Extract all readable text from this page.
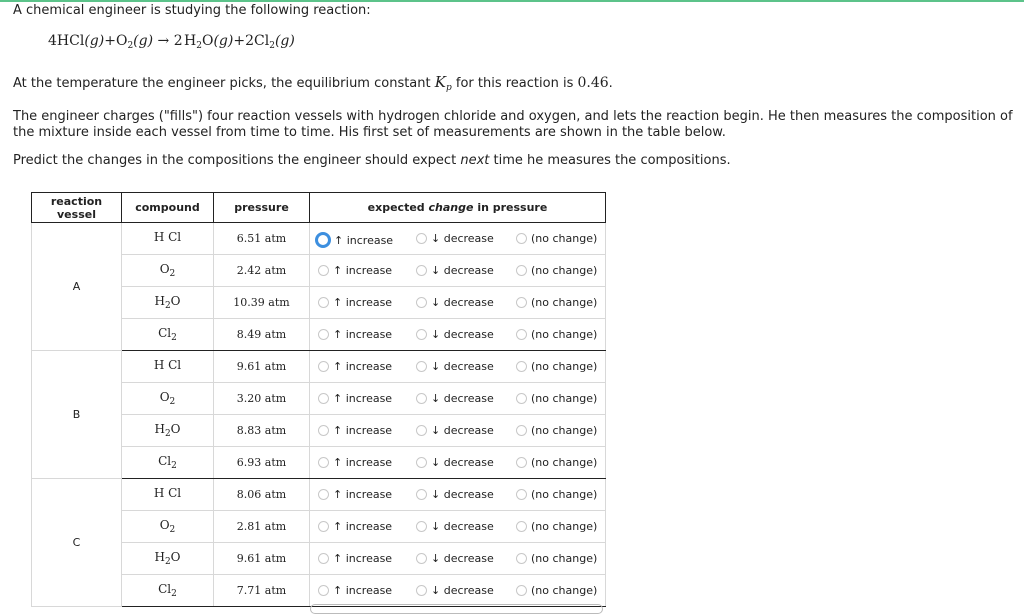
A chemical engineer is studying the following reaction:
$4HCl(g)+O_2(g) \to 2$ $H_2O(g)+2Cl_2(g)$
At the temperature the engineer picks, the equilibrium constant $K_p$ for this reaction is 0.46.
The engineer charges ("fills") four reaction vessels with hydrogen chloride and oxygen, and lets the reaction begin. He then measures the composition of the mixture inside each vessel from time to time. His first set of measurements are shown in the table below.
Predict the changes in the compositions the engineer should expect next time he measures the compositions.
reaction
vessel	compound	pressure	expected change in pressure
A	H Cl	6.51 atm	↑ increase ↓ decrease (no change)

	$O_2$	2.42 atm	↑ increase ↓ decrease (no change)

	$H_2O$	10.39 atm	↑ increase ↓ decrease (no change)

	$Cl_2$	8.49 atm	↑ increase ↓ decrease (no change)

B	H Cl	9.61 atm	↑ increase ↓ decrease (no change)

	$O_2$	3.20 atm	↑ increase ↓ decrease (no change)

	$H_2O$	8.83 atm	↑ increase ↓ decrease (no change)

	$Cl_2$	6.93 atm	↑ increase ↓ decrease (no change)

C	H Cl	8.06 atm	↑ increase ↓ decrease (no change)

	$O_2$	2.81 atm	↑ increase ↓ decrease (no change)

	$H_2O$	9.61 atm	↑ increase ↓ decrease (no change)

	$Cl_2$	7.71 atm	↑ increase ↓ decrease (no change)
